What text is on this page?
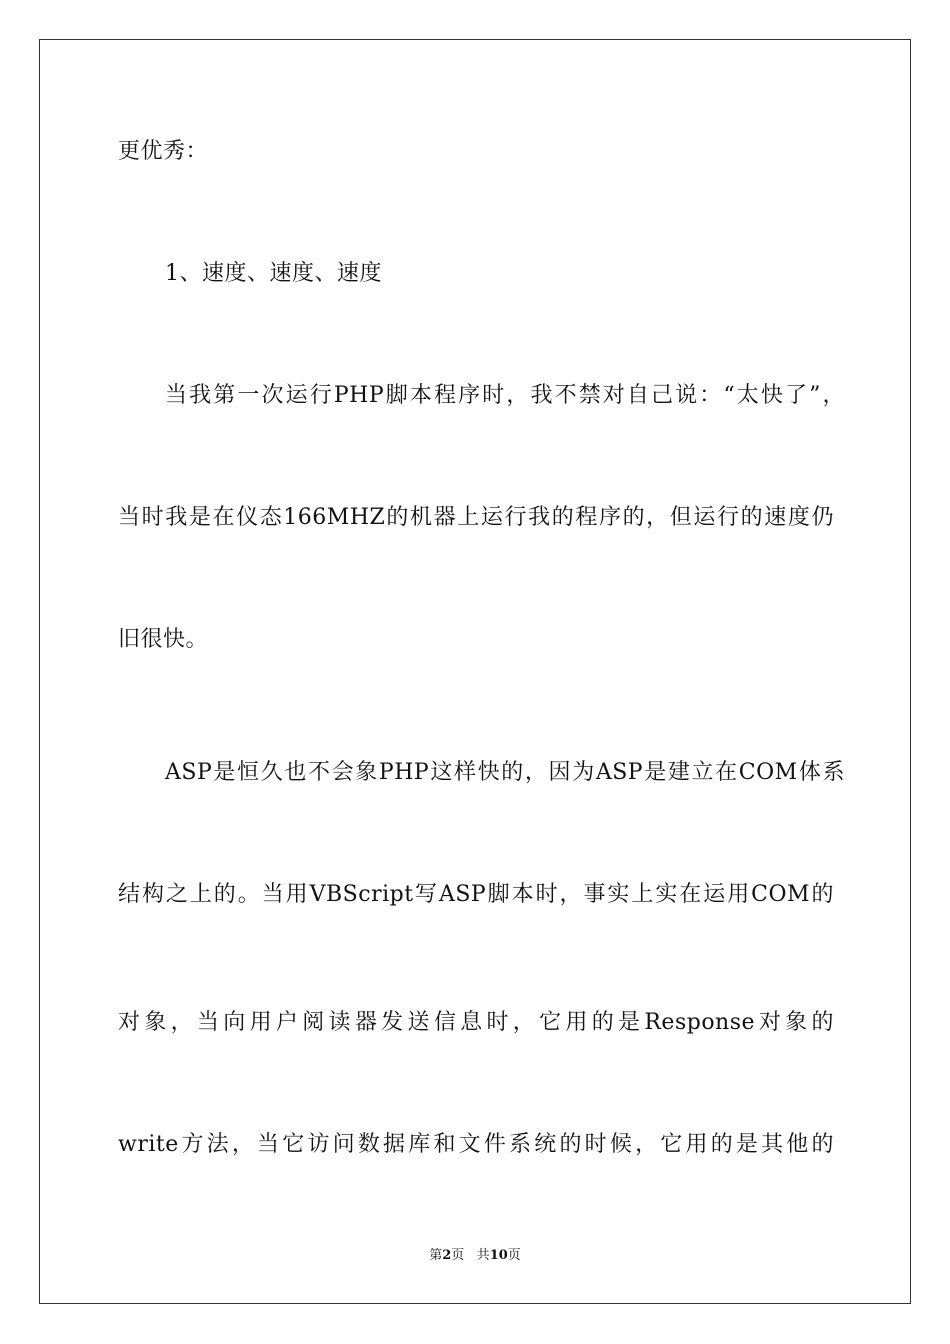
更优秀：
1、速度、速度、速度
当我第一次运行PHP脚本程序时，我不禁对自己说：“太快了”，
当时我是在仪态166MHZ的机器上运行我的程序的，但运行的速度仍
旧很快。
ASP是恒久也不会象PHP这样快的，因为ASP是建立在COM体系
结构之上的。当用VBScript写ASP脚本时，事实上实在运用COM的
对象，当向用户阅读器发送信息时，它用的是Response对象的
write方法，当它访问数据库和文件系统的时候，它用的是其他的
第2页 共10页
